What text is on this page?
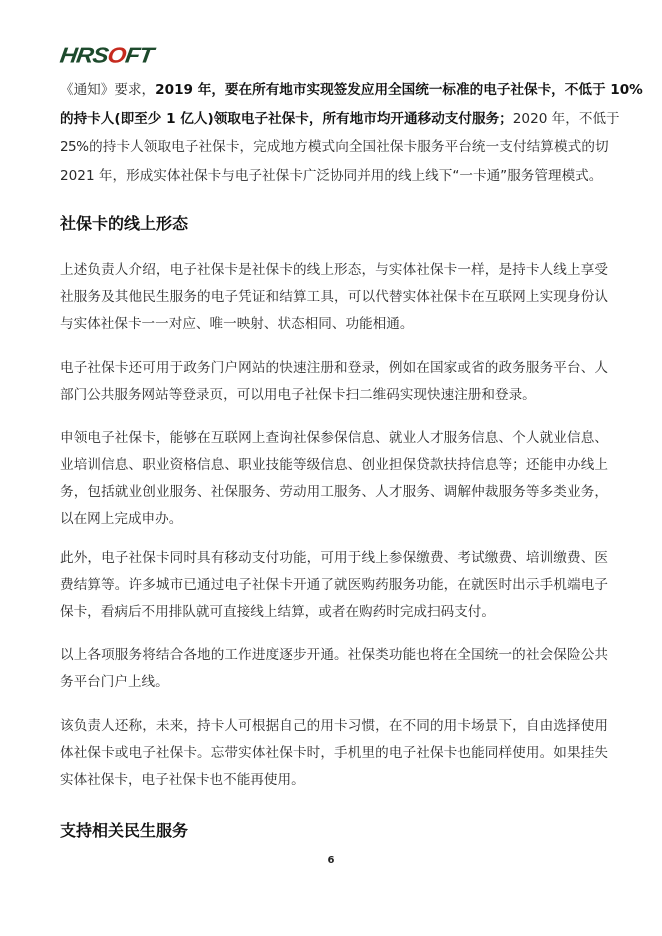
HRSOFT
《通知》要求，2019 年，要在所有地市实现签发应用全国统一标准的电子社保卡，不低于 10%
的持卡人(即至少 1 亿人)领取电子社保卡，所有地市均开通移动支付服务；2020 年，不低于
25%的持卡人领取电子社保卡，完成地方模式向全国社保卡服务平台统一支付结算模式的切
2021 年，形成实体社保卡与电子社保卡广泛协同并用的线上线下“一卡通”服务管理模式。
社保卡的线上形态
上述负责人介绍，电子社保卡是社保卡的线上形态，与实体社保卡一样，是持卡人线上享受
社服务及其他民生服务的电子凭证和结算工具，可以代替实体社保卡在互联网上实现身份认
与实体社保卡一一对应、唯一映射、状态相同、功能相通。
电子社保卡还可用于政务门户网站的快速注册和登录，例如在国家或省的政务服务平台、人
部门公共服务网站等登录页，可以用电子社保卡扫二维码实现快速注册和登录。
申领电子社保卡，能够在互联网上查询社保参保信息、就业人才服务信息、个人就业信息、
业培训信息、职业资格信息、职业技能等级信息、创业担保贷款扶持信息等；还能申办线上
务，包括就业创业服务、社保服务、劳动用工服务、人才服务、调解仲裁服务等多类业务，
以在网上完成申办。
此外，电子社保卡同时具有移动支付功能，可用于线上参保缴费、考试缴费、培训缴费、医
费结算等。许多城市已通过电子社保卡开通了就医购药服务功能，在就医时出示手机端电子
保卡，看病后不用排队就可直接线上结算，或者在购药时完成扫码支付。
以上各项服务将结合各地的工作进度逐步开通。社保类功能也将在全国统一的社会保险公共
务平台门户上线。
该负责人还称，未来，持卡人可根据自己的用卡习惯，在不同的用卡场景下，自由选择使用
体社保卡或电子社保卡。忘带实体社保卡时，手机里的电子社保卡也能同样使用。如果挂失
实体社保卡，电子社保卡也不能再使用。
支持相关民生服务
6
